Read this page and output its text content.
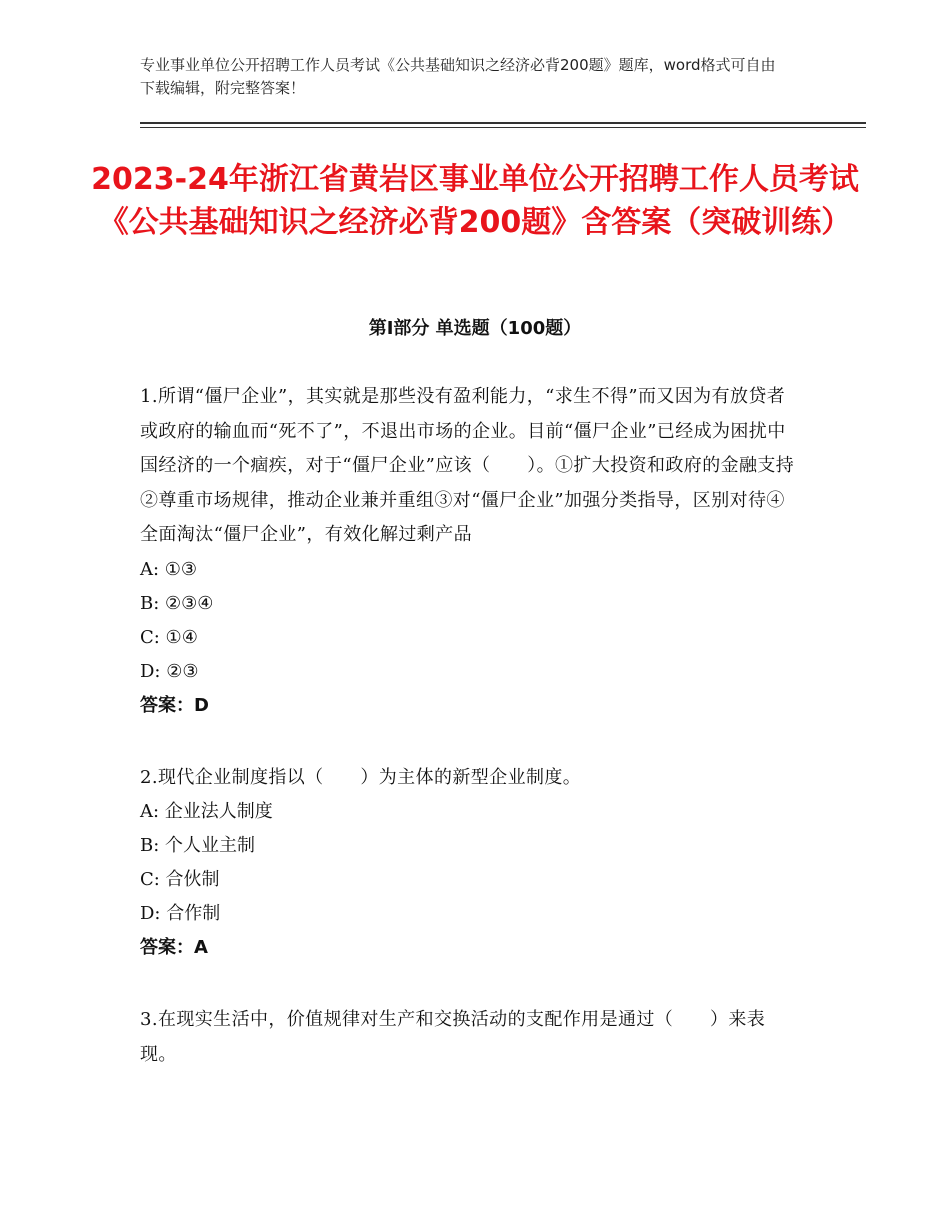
专业事业单位公开招聘工作人员考试《公共基础知识之经济必背200题》题库，word格式可自由下载编辑，附完整答案！
2023-24年浙江省黄岩区事业单位公开招聘工作人员考试《公共基础知识之经济必背200题》含答案（突破训练）
第Ⅰ部分 单选题（100题）
1.所谓“僵尸企业”，其实就是那些没有盈利能力，“求生不得”而又因为有放贷者或政府的输血而“死不了”，不退出市场的企业。目前“僵尸企业”已经成为困扰中国经济的一个痼疾，对于“僵尸企业”应该（　　）。①扩大投资和政府的金融支持②尊重市场规律，推动企业兼并重组③对“僵尸企业”加强分类指导，区别对待④全面淘汰“僵尸企业”，有效化解过剩产品
A: ①③
B: ②③④
C: ①④
D: ②③
答案：D
2.现代企业制度指以（　　）为主体的新型企业制度。
A: 企业法人制度
B: 个人业主制
C: 合伙制
D: 合作制
答案：A
3.在现实生活中，价值规律对生产和交换活动的支配作用是通过（　　）来表现。
